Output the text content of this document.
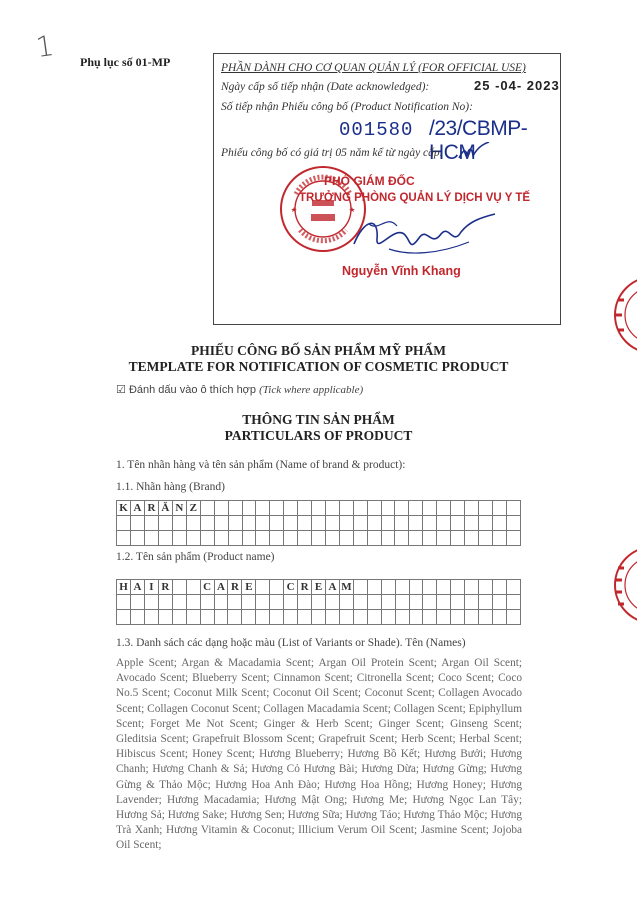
1 Phụ lục số 01-MP	PHẦN DÀNH CHO CƠ QUAN QUẢN LÝ (FOR OFFICIAL USE)
Ngày cấp số tiếp nhận (Date acknowledged):	25 -04- 2023
Số tiếp nhận Phiếu công bố (Product Notification No):
001580 /23/CBMP-HCM
Phiếu công bố có giá trị 05 năm kể từ ngày cấp.
PHÓ GIÁM ĐỐC
TRƯỞNG PHÒNG QUẢN LÝ DỊCH VỤ Y TẾ
Nguyễn Vĩnh Khang
PHIẾU CÔNG BỐ SẢN PHẨM MỸ PHẨM
TEMPLATE FOR NOTIFICATION OF COSMETIC PRODUCT
☑ Đánh dấu vào ô thích hợp (Tick where applicable)
THÔNG TIN SẢN PHẨM
PARTICULARS OF PRODUCT
1. Tên nhãn hàng và tên sản phẩm (Name of brand & product):
1.1. Nhãn hàng (Brand)
K	A	R	Ă	N	Z																							

1.2. Tên sản phẩm (Product name)
H	A	I	R			C	A	R	E			C	R	E	A	M												

1.3. Danh sách các dạng hoặc màu (List of Variants or Shade). Tên (Names)
Apple Scent; Argan & Macadamia Scent; Argan Oil Protein Scent; Argan Oil Scent; Avocado Scent; Blueberry Scent; Cinnamon Scent; Citronella Scent; Coco Scent; Coco No.5 Scent; Coconut Milk Scent; Coconut Oil Scent; Coconut Scent; Collagen Avocado Scent; Collagen Coconut Scent; Collagen Macadamia Scent; Collagen Scent; Epiphyllum Scent; Forget Me Not Scent; Ginger & Herb Scent; Ginger Scent; Ginseng Scent; Gleditsia Scent; Grapefruit Blossom Scent; Grapefruit Scent; Herb Scent; Herbal Scent; Hibiscus Scent; Honey Scent; Hương Blueberry; Hương Bồ Kết; Hương Bưởi; Hương Chanh; Hương Chanh & Sả; Hương Cỏ Hương Bài; Hương Dừa; Hương Gừng; Hương Gừng & Thảo Mộc; Hương Hoa Anh Đào; Hương Hoa Hồng; Hương Honey; Hương Lavender; Hương Macadamia; Hương Mật Ong; Hương Me; Hương Ngọc Lan Tây; Hương Sả; Hương Sake; Hương Sen; Hương Sữa; Hương Táo; Hương Thảo Mộc; Hương Trà Xanh; Hương Vitamin & Coconut; Illicium Verum Oil Scent; Jasmine Scent; Jojoba Oil Scent;
